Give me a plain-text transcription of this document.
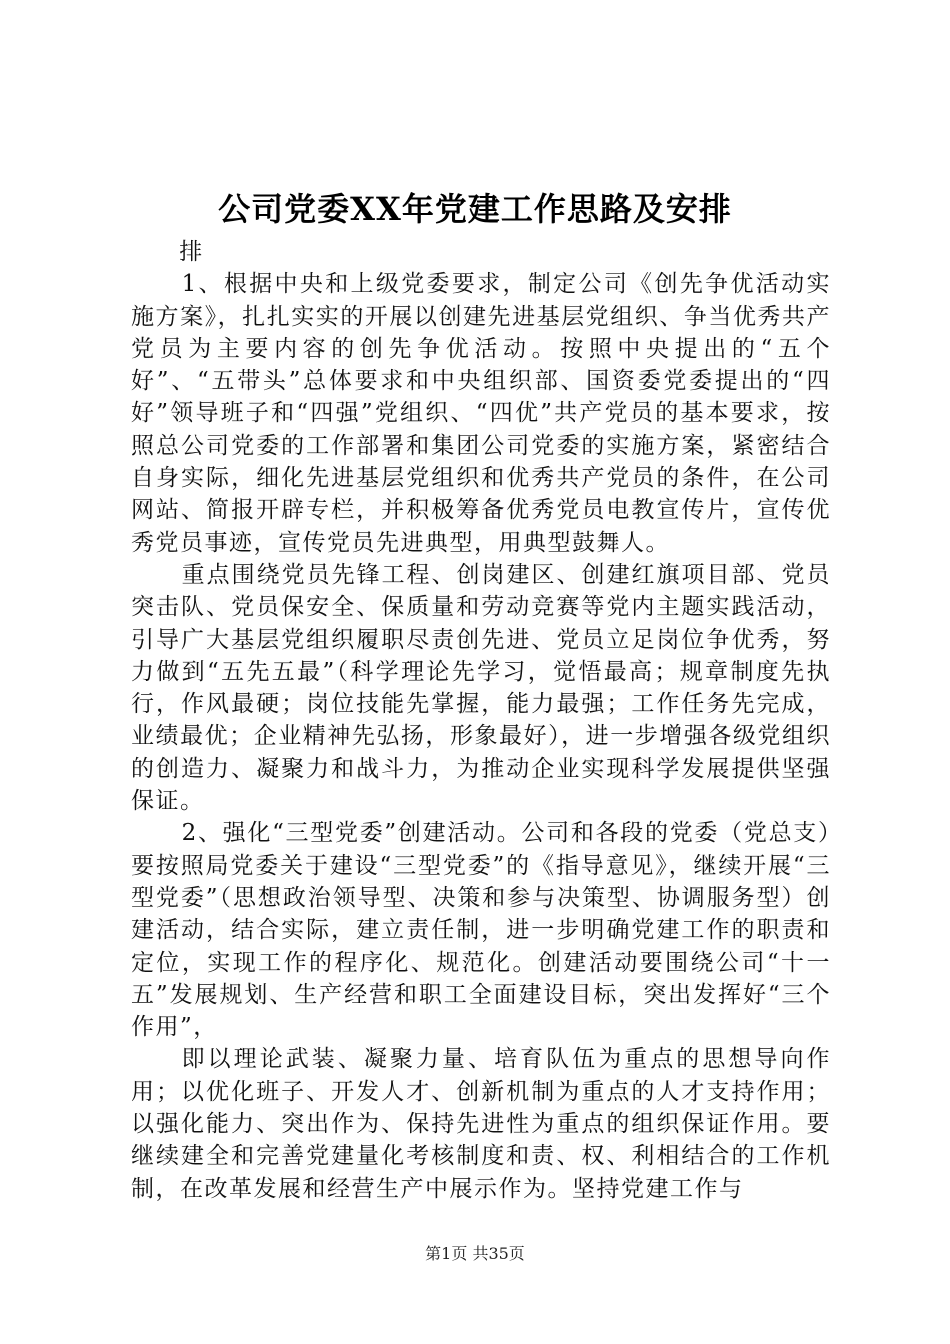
公司党委XX年党建工作思路及安排

排

1、根据中央和上级党委要求，制定公司《创先争优活动实施方案》，扎扎实实的开展以创建先进基层党组织、争当优秀共产党员为主要内容的创先争优活动。按照中央提出的“五个好”、“五带头”总体要求和中央组织部、国资委党委提出的“四好”领导班子和“四强”党组织、“四优”共产党员的基本要求，按照总公司党委的工作部署和集团公司党委的实施方案，紧密结合自身实际，细化先进基层党组织和优秀共产党员的条件，在公司网站、简报开辟专栏，并积极筹备优秀党员电教宣传片，宣传优秀党员事迹，宣传党员先进典型，用典型鼓舞人。

重点围绕党员先锋工程、创岗建区、创建红旗项目部、党员突击队、党员保安全、保质量和劳动竞赛等党内主题实践活动，引导广大基层党组织履职尽责创先进、党员立足岗位争优秀，努力做到“五先五最”（科学理论先学习，觉悟最高；规章制度先执行，作风最硬；岗位技能先掌握，能力最强；工作任务先完成，业绩最优；企业精神先弘扬，形象最好），进一步增强各级党组织的创造力、凝聚力和战斗力，为推动企业实现科学发展提供坚强保证。

2、强化“三型党委”创建活动。公司和各段的党委（党总支）要按照局党委关于建设“三型党委”的《指导意见》，继续开展“三型党委”（思想政治领导型、决策和参与决策型、协调服务型）创建活动，结合实际，建立责任制，进一步明确党建工作的职责和定位，实现工作的程序化、规范化。创建活动要围绕公司“十一五”发展规划、生产经营和职工全面建设目标，突出发挥好“三个作用”，

即以理论武装、凝聚力量、培育队伍为重点的思想导向作用；以优化班子、开发人才、创新机制为重点的人才支持作用；以强化能力、突出作为、保持先进性为重点的组织保证作用。要继续建全和完善党建量化考核制度和责、权、利相结合的工作机制，在改革发展和经营生产中展示作为。坚持党建工作与

第1页 共35页
